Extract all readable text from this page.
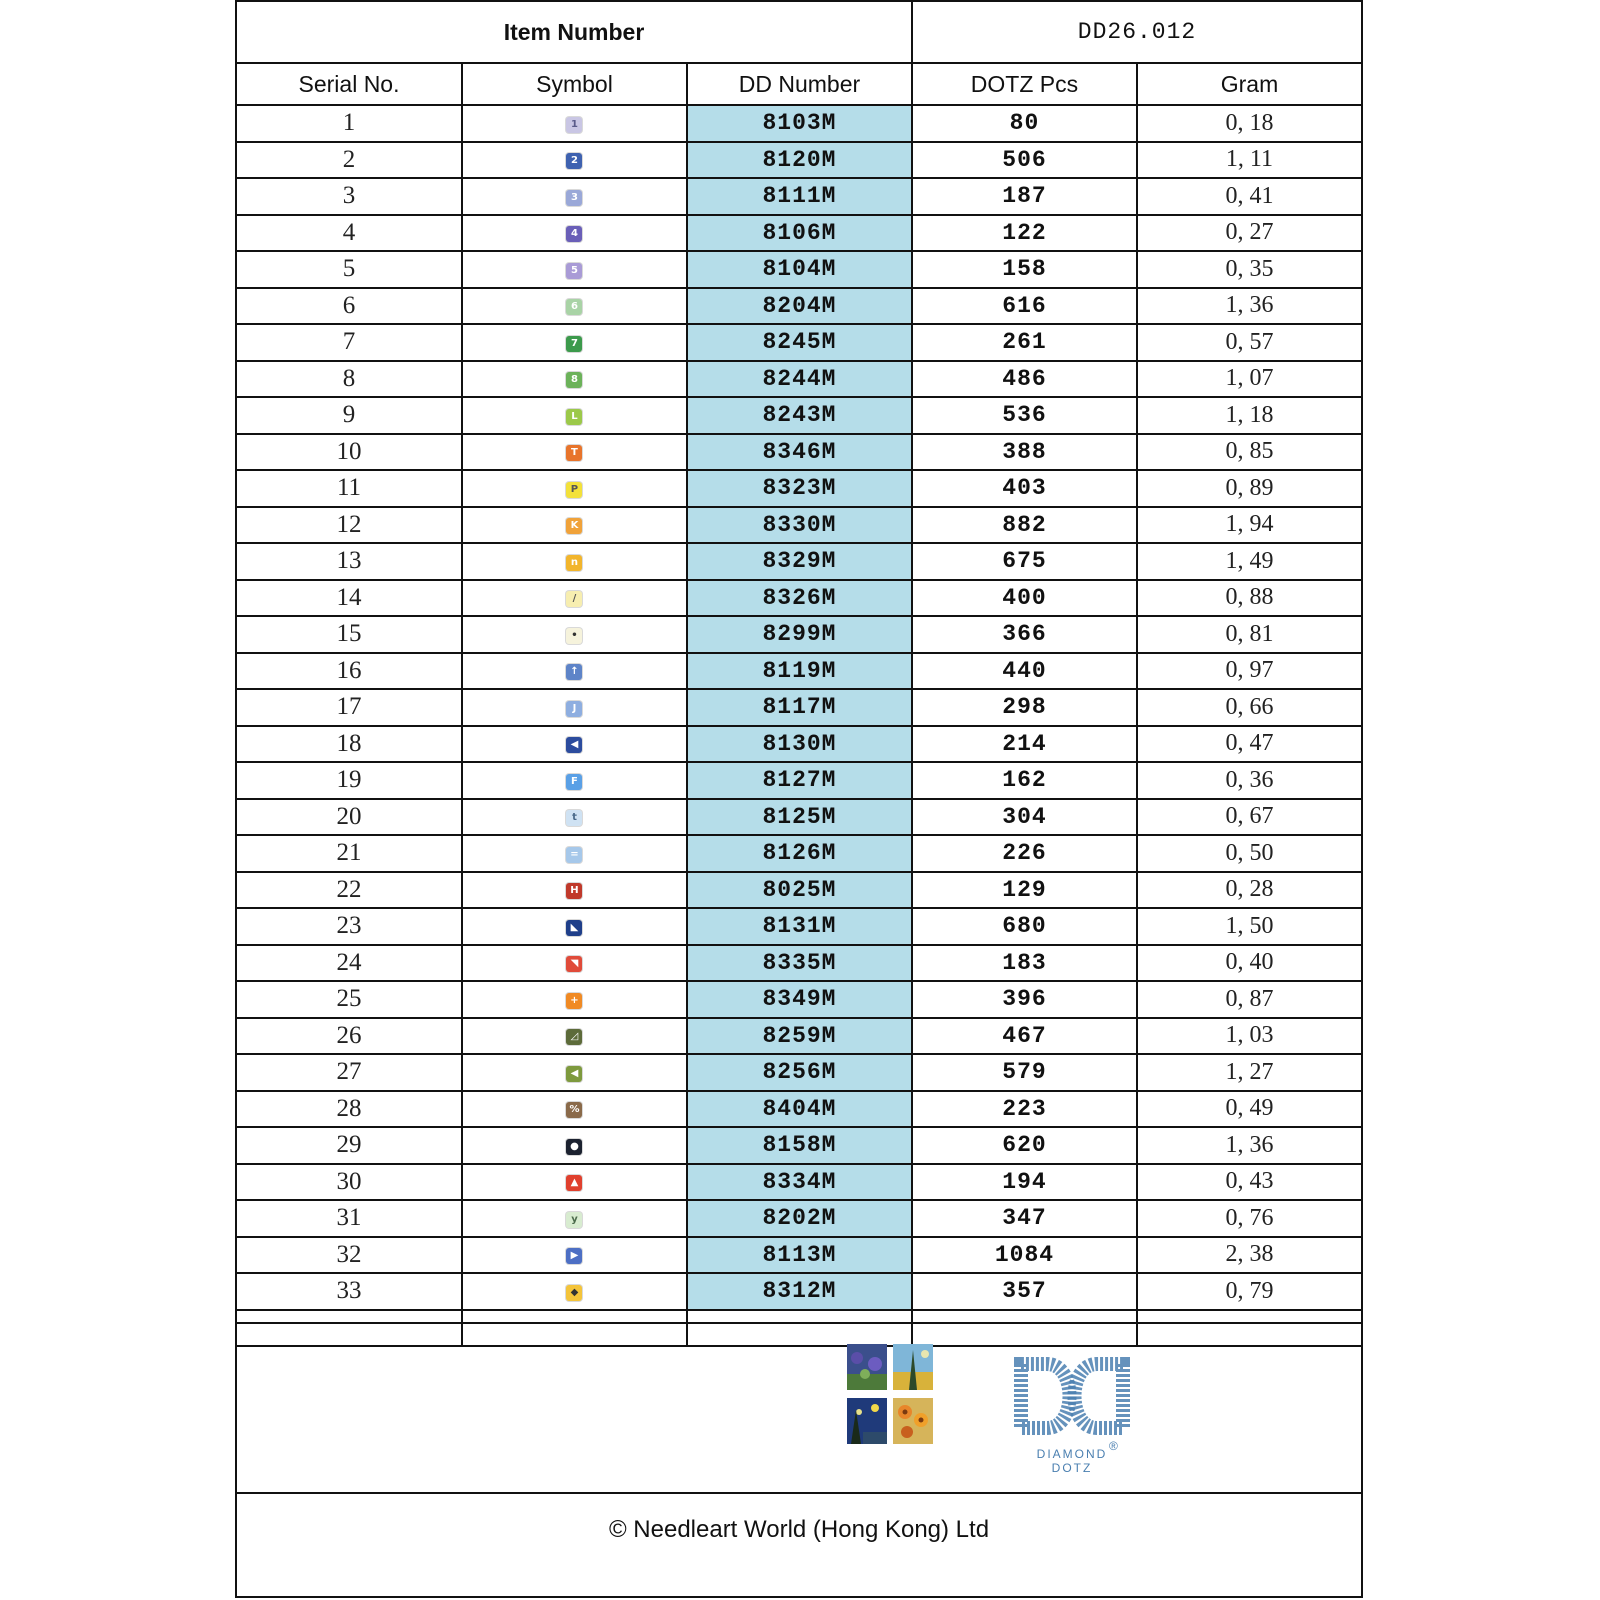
Item Number			DD26.012	
Serial No.	Symbol	DD Number	DOTZ Pcs	Gram
1	1	8103M	80	0, 18
2	2	8120M	506	1, 11
3	3	8111M	187	0, 41
4	4	8106M	122	0, 27
5	5	8104M	158	0, 35
6	6	8204M	616	1, 36
7	7	8245M	261	0, 57
8	8	8244M	486	1, 07
9	L	8243M	536	1, 18
10	T	8346M	388	0, 85
11	P	8323M	403	0, 89
12	K	8330M	882	1, 94
13	n	8329M	675	1, 49
14	/	8326M	400	0, 88
15	•	8299M	366	0, 81
16	↑	8119M	440	0, 97
17	J	8117M	298	0, 66
18	◀	8130M	214	0, 47
19	F	8127M	162	0, 36
20	t	8125M	304	0, 67
21	=	8126M	226	0, 50
22	H	8025M	129	0, 28
23	◣	8131M	680	1, 50
24	◥	8335M	183	0, 40
25	+	8349M	396	0, 87
26	◿	8259M	467	1, 03
27	◀	8256M	579	1, 27
28	%	8404M	223	0, 49
29	●	8158M	620	1, 36
30	▲	8334M	194	0, 43
31	y	8202M	347	0, 76
32	▶	8113M	1084	2, 38
33	◆	8312M	357	0, 79

DIAMOND
®
DOTZ
© Needleart World (Hong Kong) Ltd
